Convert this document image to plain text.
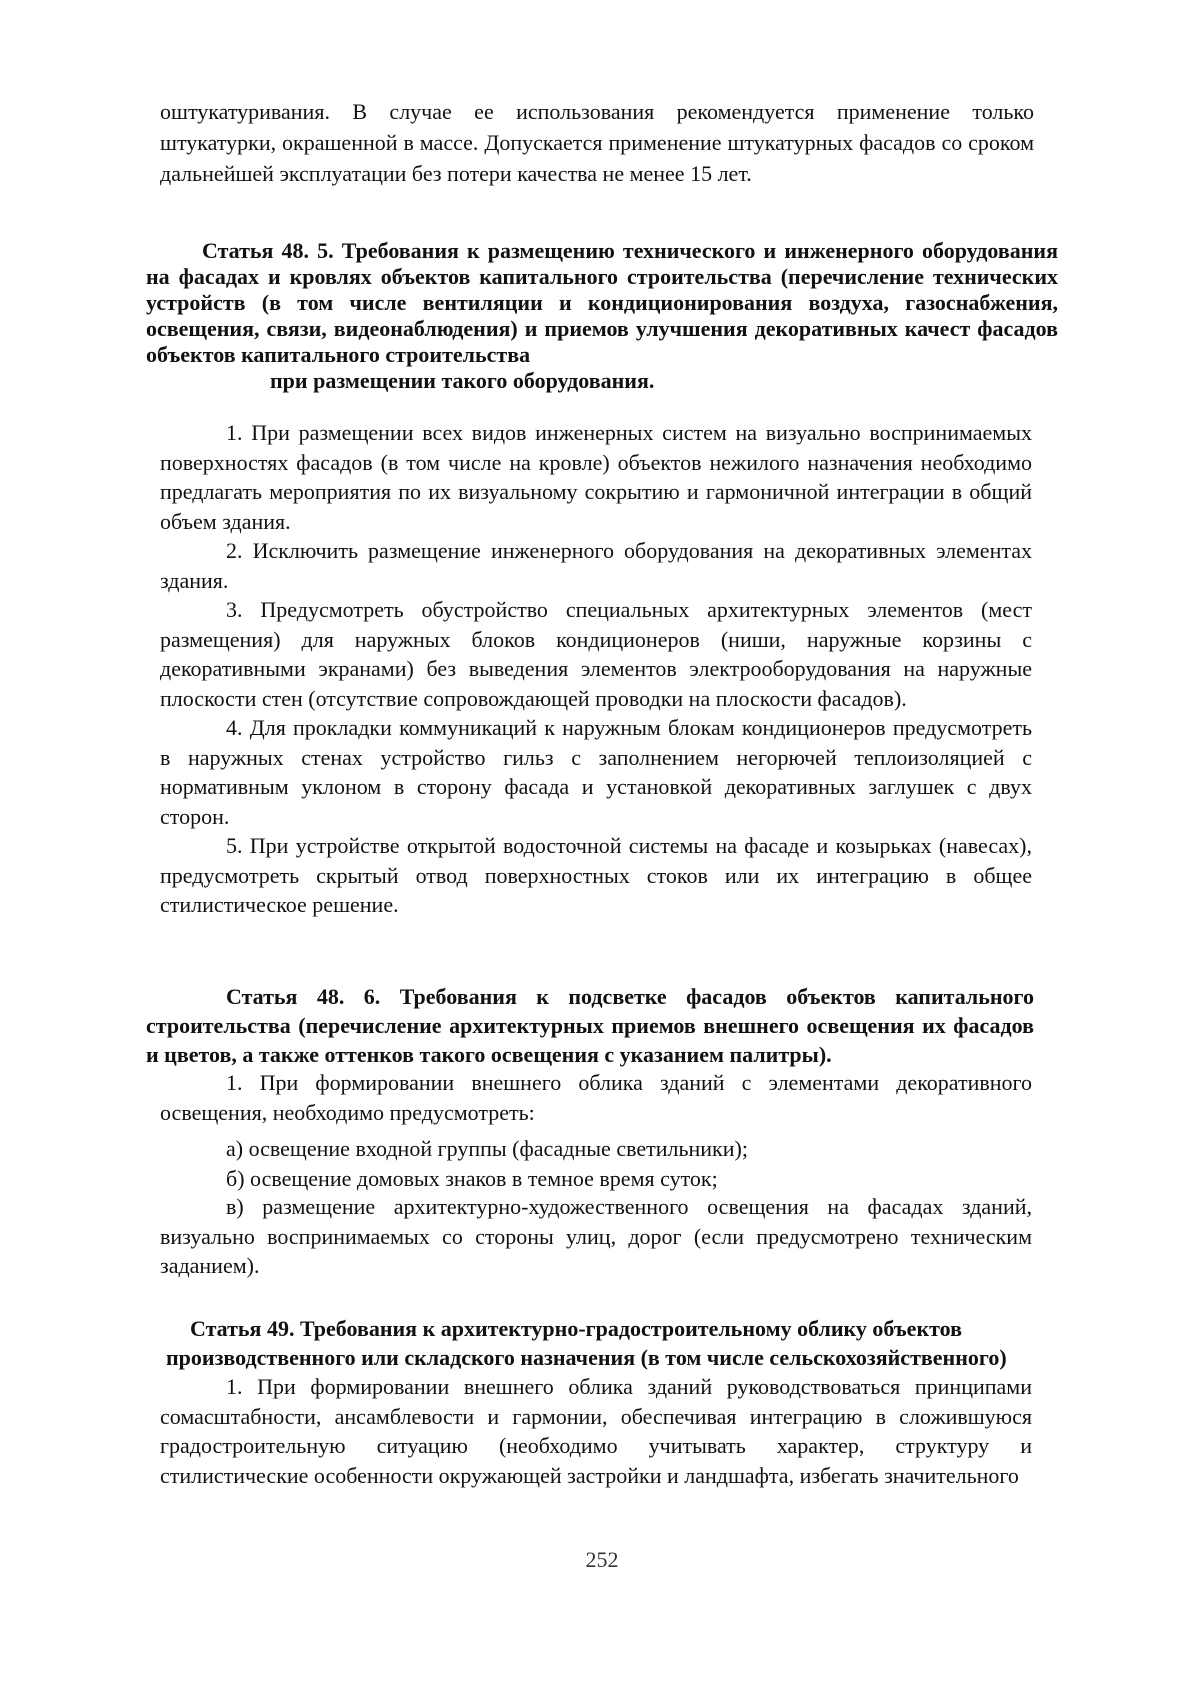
оштукатуривания. В случае ее использования рекомендуется применение только штукатурки, окрашенной в массе. Допускается применение штукатурных фасадов со сроком дальнейшей эксплуатации без потери качества не менее 15 лет.
Статья 48. 5. Требования к размещению технического и инженерного оборудования на фасадах и кровлях объектов капитального строительства (перечисление технических устройств (в том числе вентиляции и кондиционирования воздуха, газоснабжения, освещения, связи, видеонаблюдения) и приемов улучшения декоративных качест фасадов объектов капитального строительства
при размещении такого оборудования.
1. При размещении всех видов инженерных систем на визуально воспринимаемых поверхностях фасадов (в том числе на кровле) объектов нежилого назначения необходимо предлагать мероприятия по их визуальному сокрытию и гармоничной интеграции в общий объем здания.
2. Исключить размещение инженерного оборудования на декоративных элементах здания.
3. Предусмотреть обустройство специальных архитектурных элементов (мест размещения) для наружных блоков кондиционеров (ниши, наружные корзины с декоративными экранами) без выведения элементов электрооборудования на наружные плоскости стен (отсутствие сопровождающей проводки на плоскости фасадов).
4. Для прокладки коммуникаций к наружным блокам кондиционеров предусмотреть в наружных стенах устройство гильз с заполнением негорючей теплоизоляцией с нормативным уклоном в сторону фасада и установкой декоративных заглушек с двух сторон.
5. При устройстве открытой водосточной системы на фасаде и козырьках (навесах), предусмотреть скрытый отвод поверхностных стоков или их интеграцию в общее стилистическое решение.
Статья 48. 6. Требования к подсветке фасадов объектов капитального строительства (перечисление архитектурных приемов внешнего освещения их фасадов и цветов, а также оттенков такого освещения с указанием палитры).
1. При формировании внешнего облика зданий с элементами декоративного освещения, необходимо предусмотреть:
а) освещение входной группы (фасадные светильники);
б) освещение домовых знаков в темное время суток;
в) размещение архитектурно-художественного освещения на фасадах зданий, визуально воспринимаемых со стороны улиц, дорог (если предусмотрено техническим заданием).
Статья 49. Требования к архитектурно-градостроительному облику объектов
производственного или складского назначения (в том числе сельскохозяйственного)
1. При формировании внешнего облика зданий руководствоваться принципами сомасштабности, ансамблевости и гармонии, обеспечивая интеграцию в сложившуюся градостроительную ситуацию (необходимо учитывать характер, структуру и стилистические особенности окружающей застройки и ландшафта, избегать значительного
252
